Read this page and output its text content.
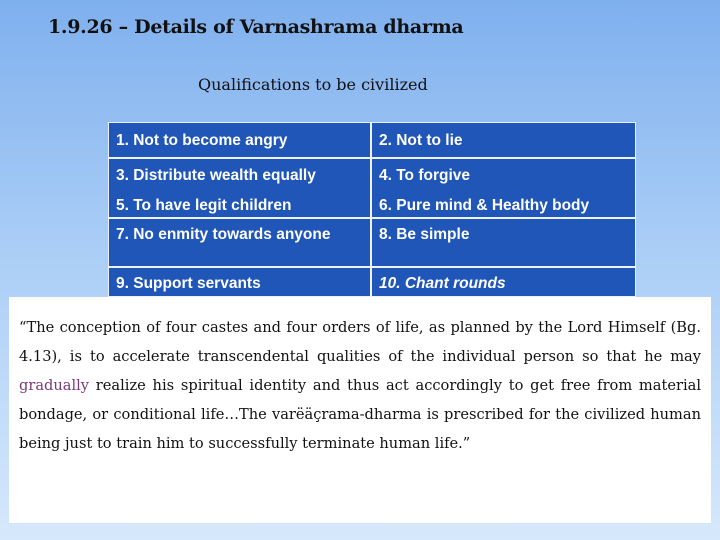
1.9.26 – Details of Varnashrama dharma
Qualifications to be civilized
1. Not to become angry	2. Not to lie
3. Distribute wealth equally	4. To forgive
5. To have legit children	6. Pure mind & Healthy body
7. No enmity towards anyone	8. Be simple
9. Support servants	10. Chant rounds

“The conception of four castes and four orders of life, as planned by the Lord Himself (Bg. 4.13), is to accelerate transcendental qualities of the individual person so that he may gradually realize his spiritual identity and thus act accordingly to get free from material bondage, or conditional life…The varëäçrama-dharma is prescribed for the civilized human being just to train him to successfully terminate human life.”
